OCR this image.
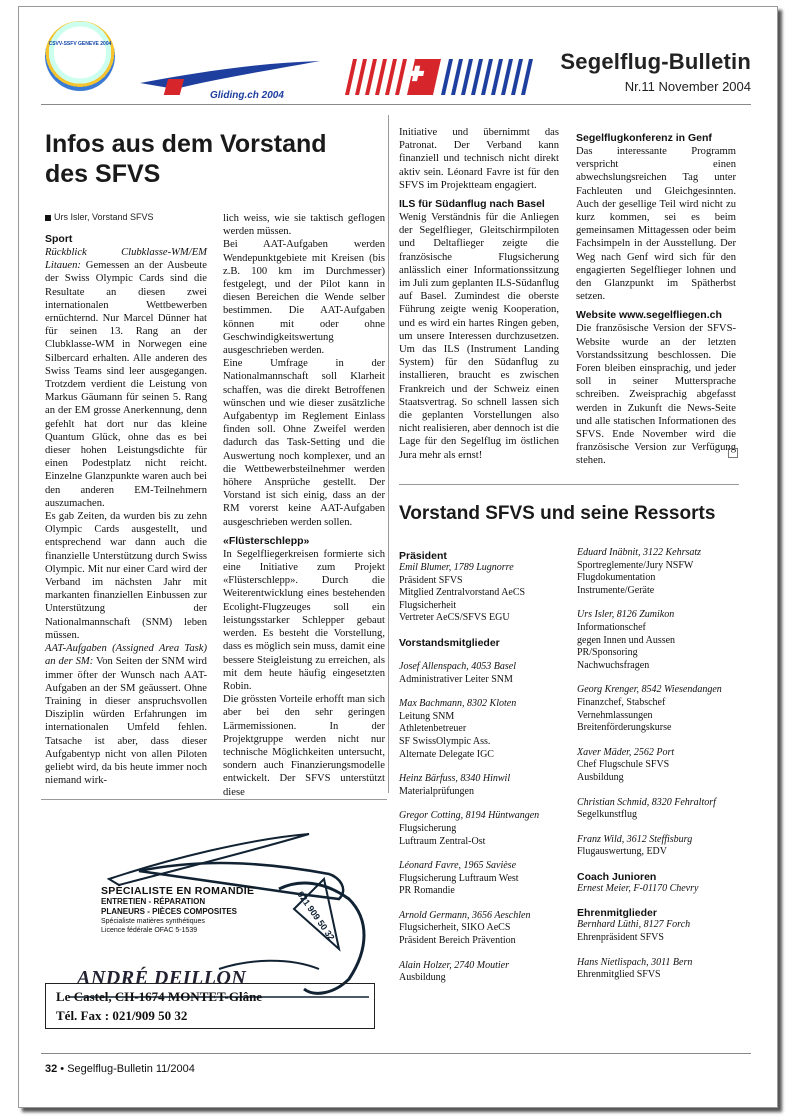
CSVV-SSFV GENEVE 2004
Gliding.ch 2004
Segelflug-Bulletin
Nr.11 November 2004
Infos aus dem Vorstand des SFVS
Urs Isler, Vorstand SFVS
Sport

Rückblick Clubklasse-WM/EM Litauen: Gemessen an der Ausbeute der Swiss Olympic Cards sind die Resultate an diesen zwei internationalen Wettbewerben ernüchternd. Nur Marcel Dünner hat für seinen 13. Rang an der Clubklasse-WM in Norwegen eine Silbercard erhalten. Alle anderen des Swiss Teams sind leer ausgegangen. Trotzdem verdient die Leistung von Markus Gäumann für seinen 5. Rang an der EM grosse Anerkennung, denn gefehlt hat dort nur das kleine Quantum Glück, ohne das es bei dieser hohen Leistungsdichte für einen Podestplatz nicht reicht. Einzelne Glanzpunkte waren auch bei den anderen EM-Teilnehmern auszumachen.

Es gab Zeiten, da wurden bis zu zehn Olympic Cards ausgestellt, und entsprechend war dann auch die finanzielle Unterstützung durch Swiss Olympic. Mit nur einer Card wird der Verband im nächsten Jahr mit markanten finanziellen Einbussen zur Unterstützung der Nationalmannschaft (SNM) leben müssen.

AAT-Aufgaben (Assigned Area Task) an der SM: Von Seiten der SNM wird immer öfter der Wunsch nach AAT-Aufgaben an der SM geäussert. Ohne Training in dieser anspruchsvollen Disziplin würden Erfahrungen im internationalen Umfeld fehlen. Tatsache ist aber, dass dieser Aufgabentyp nicht von allen Piloten geliebt wird, da bis heute immer noch niemand wirk-

lich weiss, wie sie taktisch geflogen werden müssen.

Bei AAT-Aufgaben werden Wendepunktgebiete mit Kreisen (bis z.B. 100 km im Durchmesser) festgelegt, und der Pilot kann in diesen Bereichen die Wende selber bestimmen. Die AAT-Aufgaben können mit oder ohne Geschwindigkeitswertung ausgeschrieben werden.

Eine Umfrage in der Nationalmannschaft soll Klarheit schaffen, was die direkt Betroffenen wünschen und wie dieser zusätzliche Aufgabentyp im Reglement Einlass finden soll. Ohne Zweifel werden dadurch das Task-Setting und die Auswertung noch komplexer, und an die Wettbewerbsteilnehmer werden höhere Ansprüche gestellt. Der Vorstand ist sich einig, dass an der RM vorerst keine AAT-Aufgaben ausgeschrieben werden sollen.

«Flüsterschlepp»

In Segelfliegerkreisen formierte sich eine Initiative zum Projekt «Flüsterschlepp». Durch die Weiterentwicklung eines bestehenden Ecolight-Flugzeuges soll ein leistungsstarker Schlepper gebaut werden. Es besteht die Vorstellung, dass es möglich sein muss, damit eine bessere Steigleistung zu erreichen, als mit dem heute häufig eingesetzten Robin.

Die grössten Vorteile erhofft man sich aber bei den sehr geringen Lärmemissionen. In der Projektgruppe werden nicht nur technische Möglichkeiten untersucht, sondern auch Finanzierungsmodelle entwickelt. Der SFVS unterstützt diese

Initiative und übernimmt das Patronat. Der Verband kann finanziell und technisch nicht direkt aktiv sein. Léonard Favre ist für den SFVS im Projektteam engagiert.

ILS für Südanflug nach Basel

Wenig Verständnis für die Anliegen der Segelflieger, Gleitschirmpiloten und Deltaflieger zeigte die französische Flugsicherung anlässlich einer Informationssitzung im Juli zum geplanten ILS-Südanflug auf Basel. Zumindest die oberste Führung zeigte wenig Kooperation, und es wird ein hartes Ringen geben, um unsere Interessen durchzusetzen. Um das ILS (Instrument Landing System) für den Südanflug zu installieren, braucht es zwischen Frankreich und der Schweiz einen Staatsvertrag. So schnell lassen sich die geplanten Vorstellungen also nicht realisieren, aber dennoch ist die Lage für den Segelflug im östlichen Jura mehr als ernst!

Segelflugkonferenz in Genf

Das interessante Programm verspricht einen abwechslungsreichen Tag unter Fachleuten und Gleichgesinnten. Auch der gesellige Teil wird nicht zu kurz kommen, sei es beim gemeinsamen Mittagessen oder beim Fachsimpeln in der Ausstellung. Der Weg nach Genf wird sich für den engagierten Segelflieger lohnen und den Glanzpunkt im Spätherbst setzen.

Website www.segelfliegen.ch

Die französische Version der SFVS-Website wurde an der letzten Vorstandssitzung beschlossen. Die Foren bleiben einsprachig, und jeder soll in seiner Muttersprache schreiben. Zweisprachig abgefasst werden in Zukunft die News-Seite und alle statischen Informationen des SFVS. Ende November wird die französische Version zur Verfügung stehen.

Vorstand SFVS und seine Ressorts
Präsident
Emil Blumer, 1789 Lugnorre
Präsident SFVS
Mitglied Zentralvorstand AeCS
Flugsicherheit
Vertreter AeCS/SFVS EGU
Vorstandsmitglieder
Josef Allenspach, 4053 Basel
Administrativer Leiter SNM
Max Bachmann, 8302 Kloten
Leitung SNM
Athletenbetreuer
SF SwissOlympic Ass.
Alternate Delegate IGC
Heinz Bärfuss, 8340 Hinwil
Materialprüfungen
Gregor Cotting, 8194 Hüntwangen
Flugsicherung
Luftraum Zentral-Ost
Léonard Favre, 1965 Savièse
Flugsicherung Luftraum West
PR Romandie
Arnold Germann, 3656 Aeschlen
Flugsicherheit, SIKO AeCS
Präsident Bereich Prävention
Alain Holzer, 2740 Moutier
Ausbildung
Eduard Inäbnit, 3122 Kehrsatz
Sportreglemente/Jury NSFW
Flugdokumentation
Instrumente/Geräte
Urs Isler, 8126 Zumikon
Informationschef
gegen Innen und Aussen
PR/Sponsoring
Nachwuchsfragen
Georg Krenger, 8542 Wiesendangen
Finanzchef, Stabschef
Vernehmlassungen
Breitenförderungskurse
Xaver Mäder, 2562 Port
Chef Flugschule SFVS
Ausbildung
Christian Schmid, 8320 Fehraltorf
Segelkunstflug
Franz Wild, 3612 Steffisburg
Flugauswertung, EDV
Coach Junioren
Ernest Meier, F-01170 Chevry
Ehrenmitglieder
Bernhard Lüthi, 8127 Forch
Ehrenpräsident SFVS
Hans Nietlispach, 3011 Bern
Ehrenmitglied SFVS
021 909 50 32
SPÉCIALISTE EN ROMANDIE
ENTRETIEN - RÉPARATION
PLANEURS - PIÈCES COMPOSITES
Spécialiste matières synthétiques
Licence fédérale OFAC 5-1539
ANDRÉ DEILLON
Le Castel, CH-1674 MONTET-Glâne
Tél. Fax : 021/909 50 32
32 • Segelflug-Bulletin 11/2004
